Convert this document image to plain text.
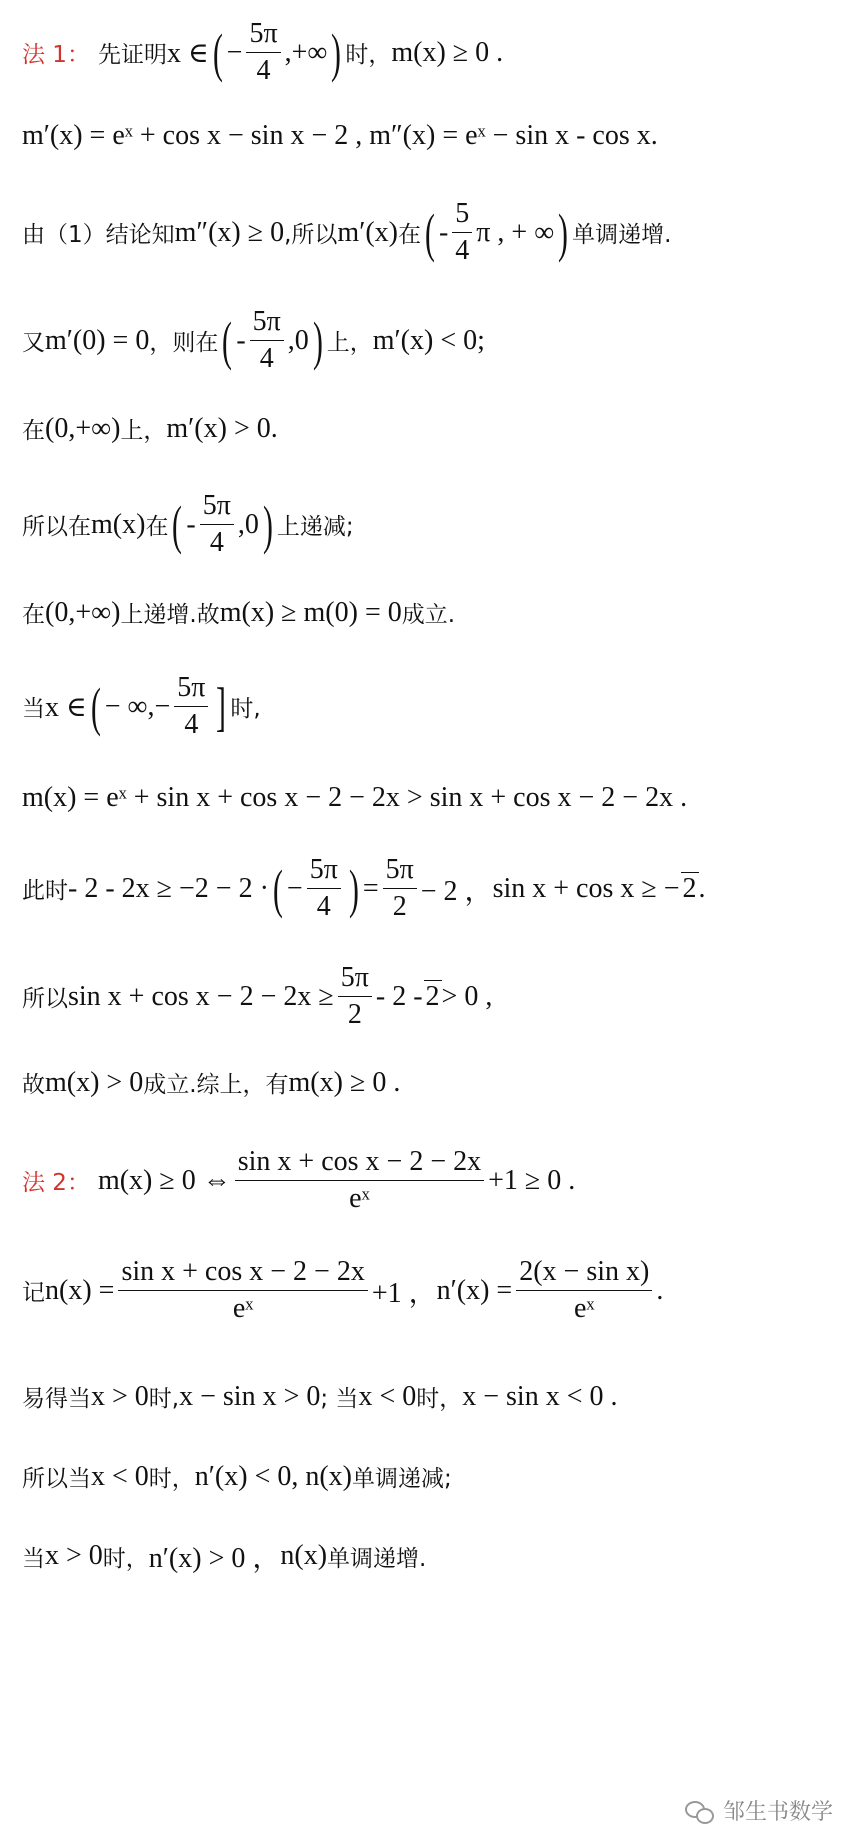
法 1： 先证明 x ∈ ( − $\frac{5\pi}{4}$ ,+∞ ) 时， m(x) ≥ 0 .
m′(x) = eˣ + cos x − sin x − 2 , m″(x) = eˣ − sin x - cos x.
由（1）结论知 m″(x) ≥ 0 ,所以 m′(x) 在 ( - $\frac{5}{4}$ π , + ∞ ) 单调递增.
又 m′(0) = 0 ，则在 ( - $\frac{5\pi}{4} ,0$ ) 上， m′(x) < 0;
在 (0,+∞) 上， m′(x) > 0.
所以在 m(x) 在 ( - $\frac{5\pi}{4} ,0$ ) 上递减;
在 (0,+∞) 上递增.故 m(x) ≥ m(0) = 0 成立.
当 x ∈ ( − ∞,− $\frac{5\pi}{4}$ ] 时,
m(x) = eˣ + sin x + cos x − 2 − 2x > sin x + cos x − 2 − 2x .
此时 - 2 - 2x ≥ −2 − 2 · ( − $\frac{5\pi}{4}$ ) = $\frac{5\pi}{2} - 2$ ， sin x + cos x ≥ − 2 .
所以 $\sin x + \cos x - 2 - 2x \ge \frac{5\pi}{2} - 2 - 2 > 0$ ,
故 m(x) > 0 成立.综上，有 m(x) ≥ 0 .
法 2： m(x) ≥ 0 ⇔ $\frac{\text{sin x + cos x − 2 − 2x}}{\text{eˣ}} +1 \ge 0$ .
记 $n(x) = \frac{\text{sin x + cos x − 2 − 2x}}{\text{eˣ}} +1$ ， $n'(x) = \frac{\text{2(x − sin x)}}{\text{eˣ}}$ .
易得当 x > 0 时, x − sin x > 0 ; 当 x < 0 时， x − sin x < 0 .
所以当 x < 0 时， n′(x) < 0, n(x) 单调递减;
当 x > 0 时， n′(x) > 0 ， n(x) 单调递增.
邹生书数学
